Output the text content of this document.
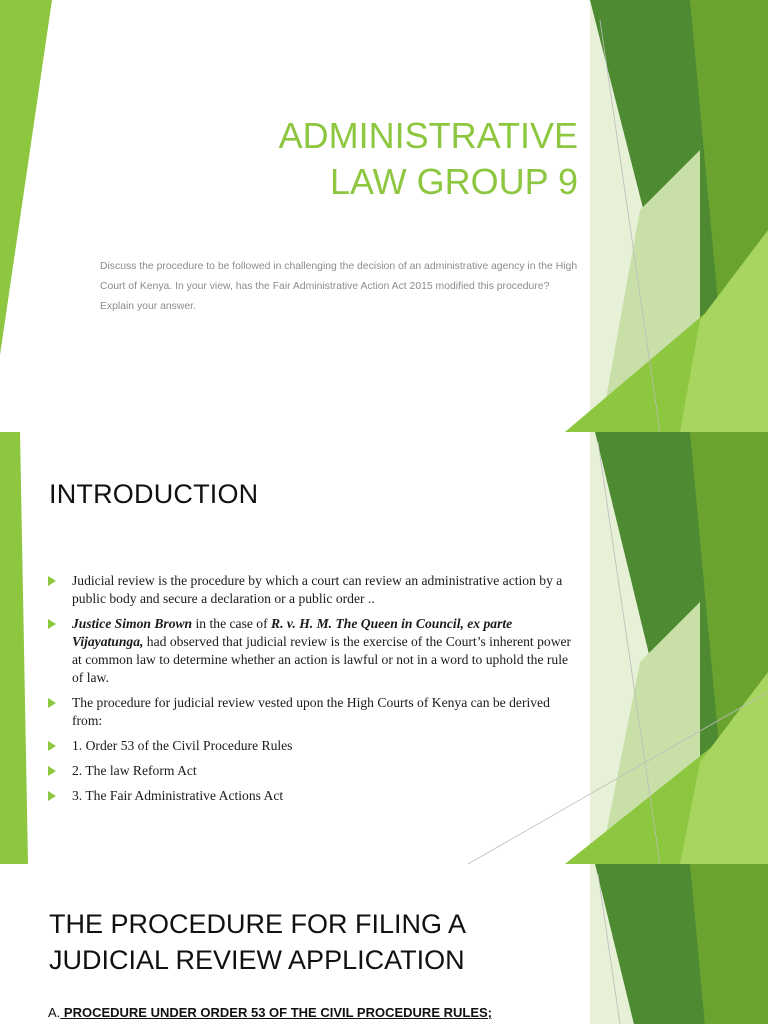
ADMINISTRATIVE
LAW GROUP 9
Discuss the procedure to be followed in challenging the decision of an administrative agency in the High Court of Kenya. In your view, has the Fair Administrative Action Act 2015 modified this procedure? Explain your answer.
INTRODUCTION
Judicial review is the procedure by which a court can review an administrative action by a public body and secure a declaration or a public order ..
Justice Simon Brown in the case of R. v. H. M. The Queen in Council, ex parte Vijayatunga, had observed that judicial review is the exercise of the Court’s inherent power at common law to determine whether an action is lawful or not in a word to uphold the rule of law.
The procedure for judicial review vested upon the High Courts of Kenya can be derived from:
1. Order 53 of the Civil Procedure Rules
2. The law Reform Act
3. The Fair Administrative Actions Act
THE PROCEDURE FOR FILING A
JUDICIAL REVIEW APPLICATION
A. PROCEDURE UNDER ORDER 53 OF THE CIVIL PROCEDURE RULES;
